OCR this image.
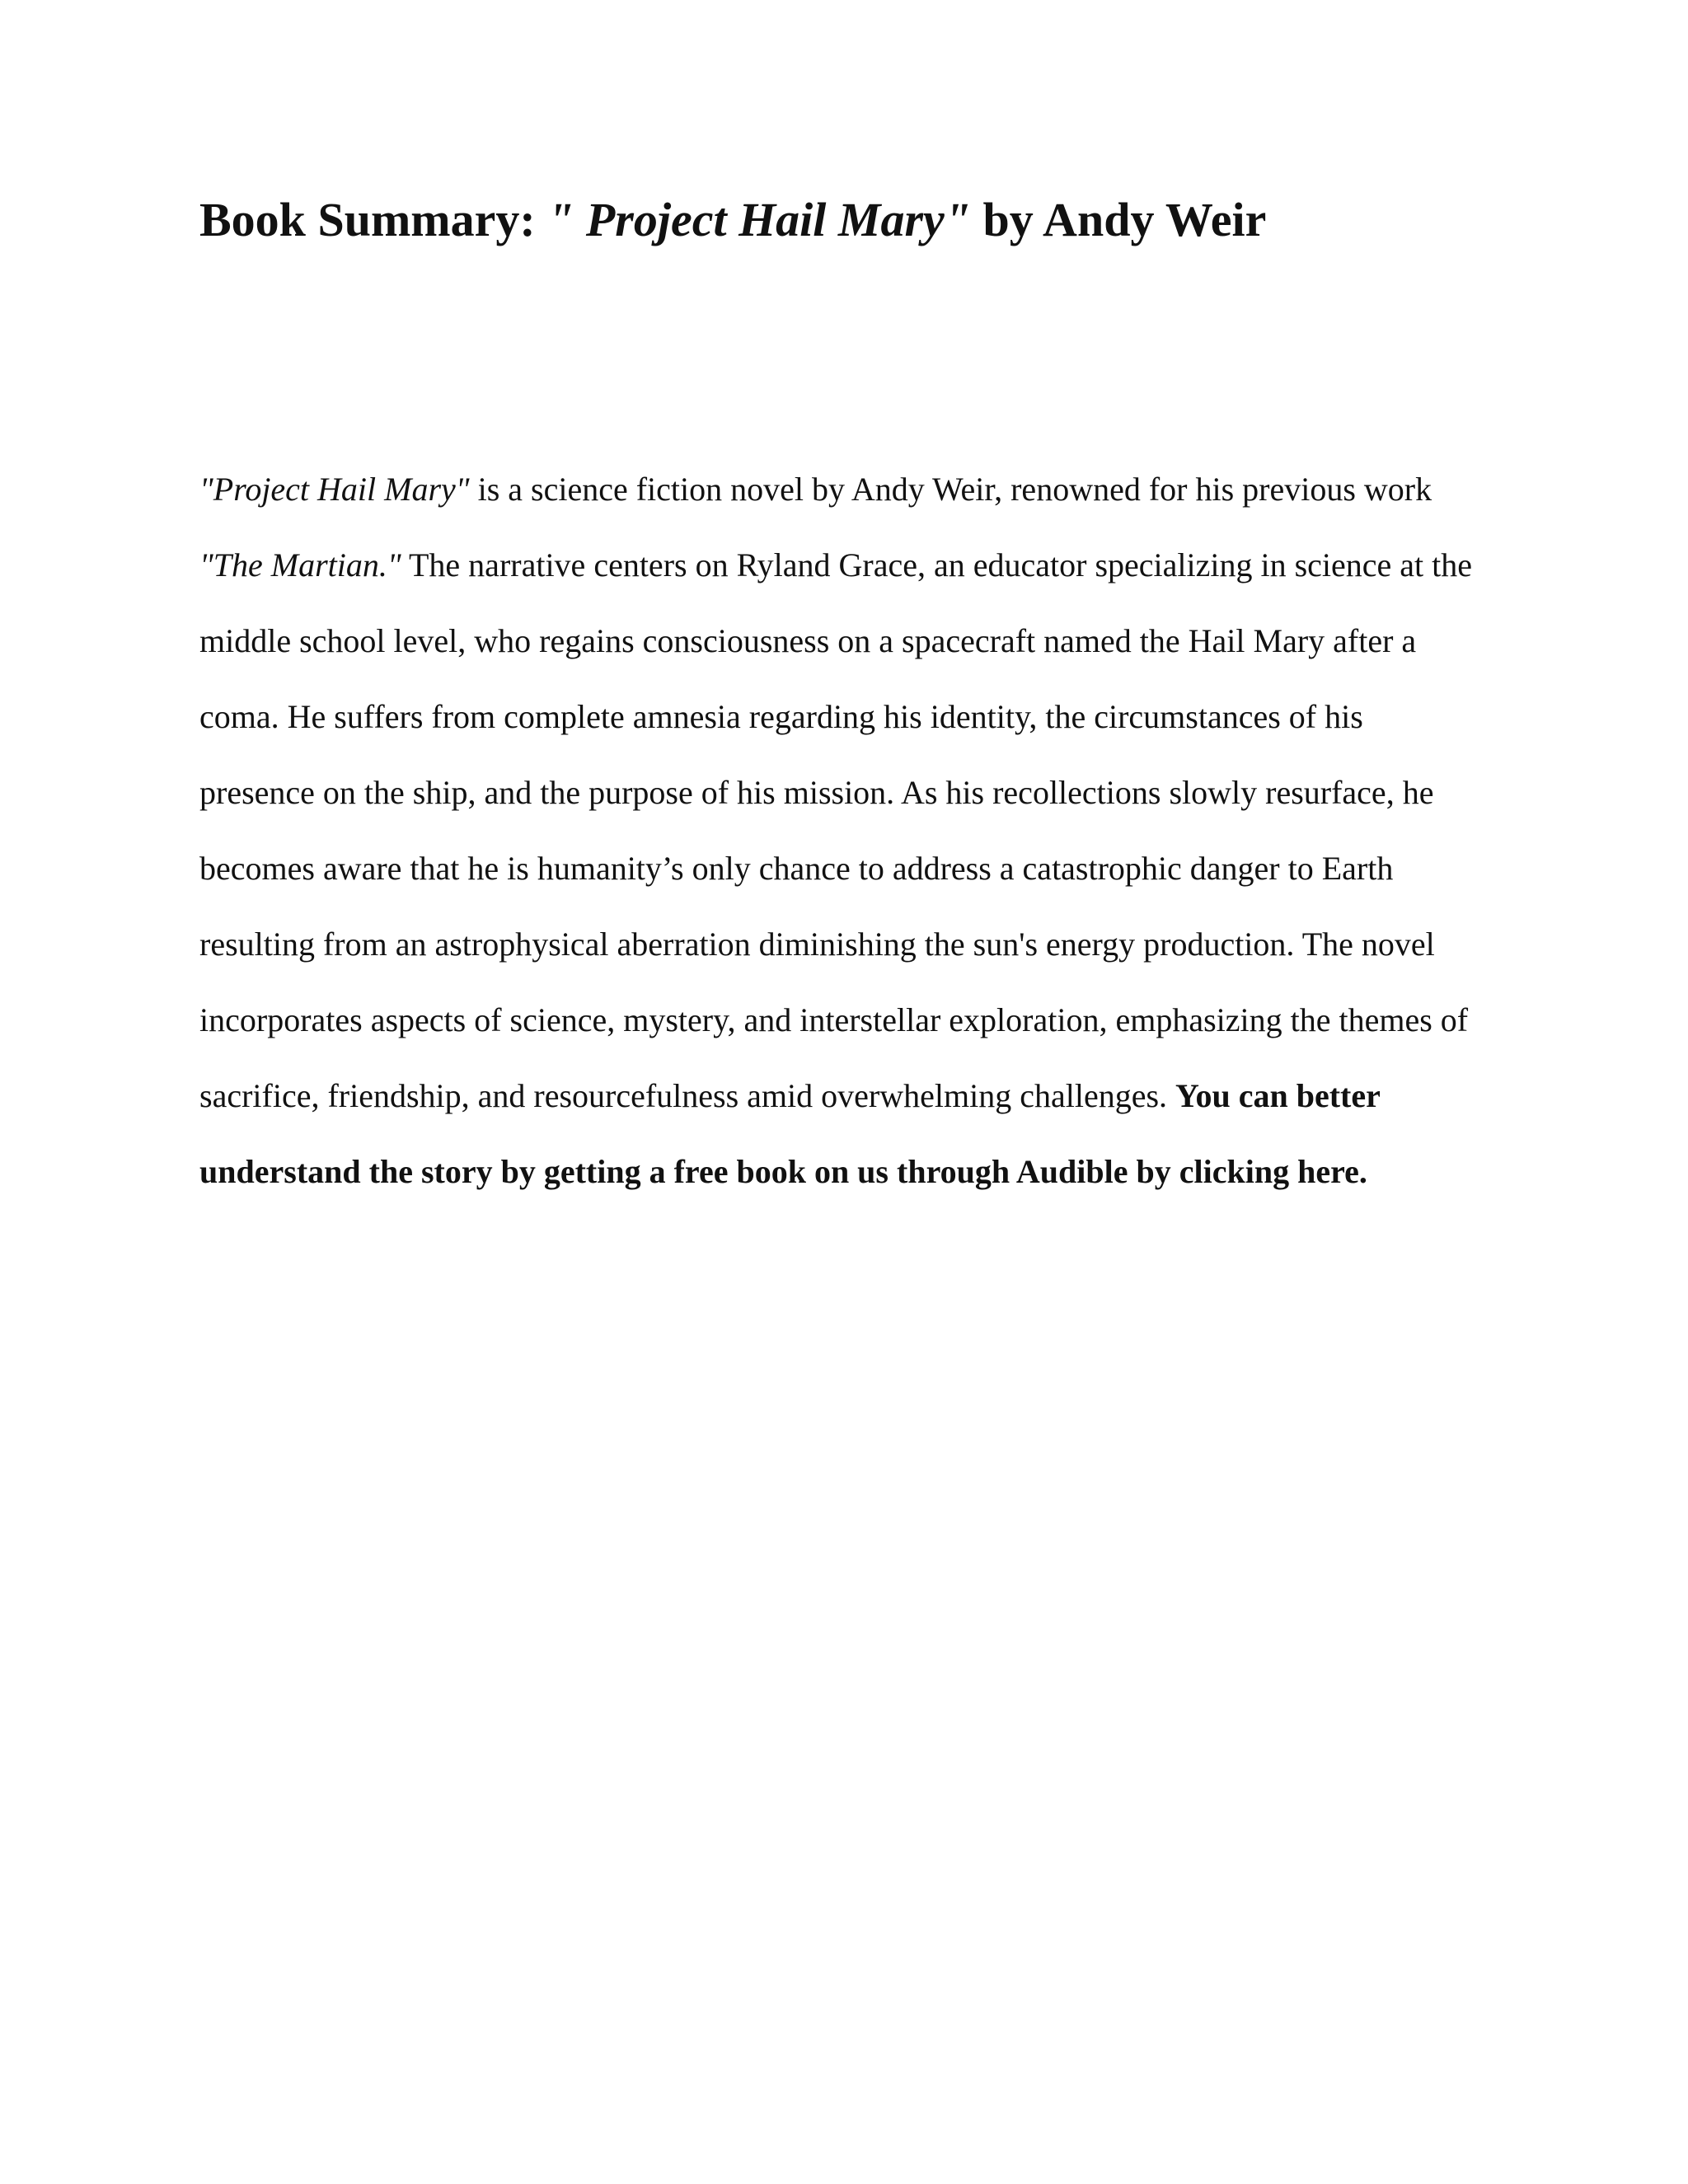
Book Summary: " Project Hail Mary" by Andy Weir

"Project Hail Mary" is a science fiction novel by Andy Weir, renowned for his previous work
"The Martian." The narrative centers on Ryland Grace, an educator specializing in science at the
middle school level, who regains consciousness on a spacecraft named the Hail Mary after a
coma. He suffers from complete amnesia regarding his identity, the circumstances of his
presence on the ship, and the purpose of his mission. As his recollections slowly resurface, he
becomes aware that he is humanity’s only chance to address a catastrophic danger to Earth
resulting from an astrophysical aberration diminishing the sun's energy production. The novel
incorporates aspects of science, mystery, and interstellar exploration, emphasizing the themes of
sacrifice, friendship, and resourcefulness amid overwhelming challenges. You can better
understand the story by getting a free book on us through Audible by clicking here.
